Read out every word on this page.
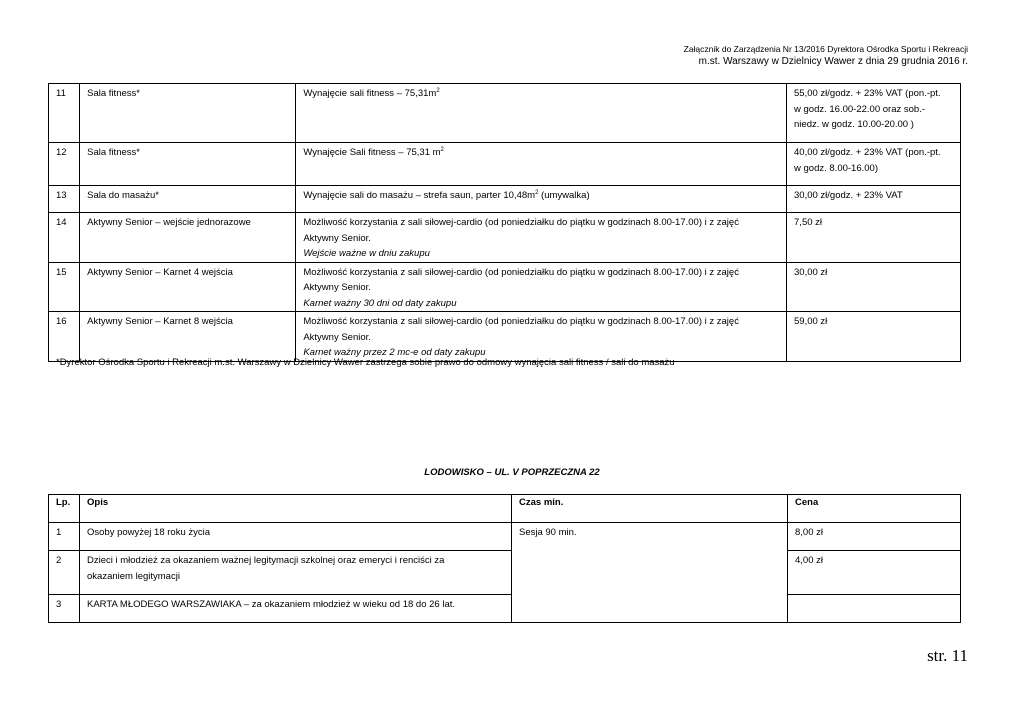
Załącznik do Zarządzenia Nr 13/2016 Dyrektora Ośrodka Sportu i Rekreacji
m.st. Warszawy w Dzielnicy Wawer z dnia 29 grudnia 2016 r.
11	Sala fitness*	Wynajęcie sali fitness – $75,31m^2$	55,00 zł/godz. + 23% VAT (pon.-pt.
w godz. 16.00-22.00 oraz sob.-
niedz. w godz. 10.00-20.00 )
12	Sala fitness*	Wynajęcie Sali fitness – 75,31 $m^2$	40,00 zł/godz. + 23% VAT (pon.-pt.
w godz. 8.00-16.00)
13	Sala do masażu*	Wynajęcie sali do masażu – strefa saun, parter $10,48m^2$ (umywalka)	30,00 zł/godz. + 23% VAT
14	Aktywny Senior – wejście jednorazowe	Możliwość korzystania z sali siłowej-cardio (od poniedziałku do piątku w godzinach 8.00-17.00) i z zajęć
Aktywny Senior.
Wejście ważne w dniu zakupu	7,50 zł
15	Aktywny Senior – Karnet 4 wejścia	Możliwość korzystania z sali siłowej-cardio (od poniedziałku do piątku w godzinach 8.00-17.00) i z zajęć
Aktywny Senior.
Karnet ważny 30 dni od daty zakupu	30,00 zł
16	Aktywny Senior – Karnet 8 wejścia	Możliwość korzystania z sali siłowej-cardio (od poniedziałku do piątku w godzinach 8.00-17.00) i z zajęć
Aktywny Senior.
Karnet ważny przez 2 mc-e od daty zakupu	59,00 zł
*Dyrektor Ośrodka Sportu i Rekreacji m.st. Warszawy w Dzielnicy Wawer zastrzega sobie prawo do odmowy wynajęcia sali fitness / sali do masażu
LODOWISKO – UL. V POPRZECZNA 22
Lp.	Opis	Czas min.	Cena
1	Osoby powyżej 18 roku życia	Sesja 90 min.	8,00 zł
2	Dzieci i młodzież za okazaniem ważnej legitymacji szkolnej oraz emeryci i renciści za
okazaniem legitymacji		4,00 zł
3	KARTA MŁODEGO WARSZAWIAKA – za okazaniem młodzież w wieku od 18 do 26 lat.		
str. 11
